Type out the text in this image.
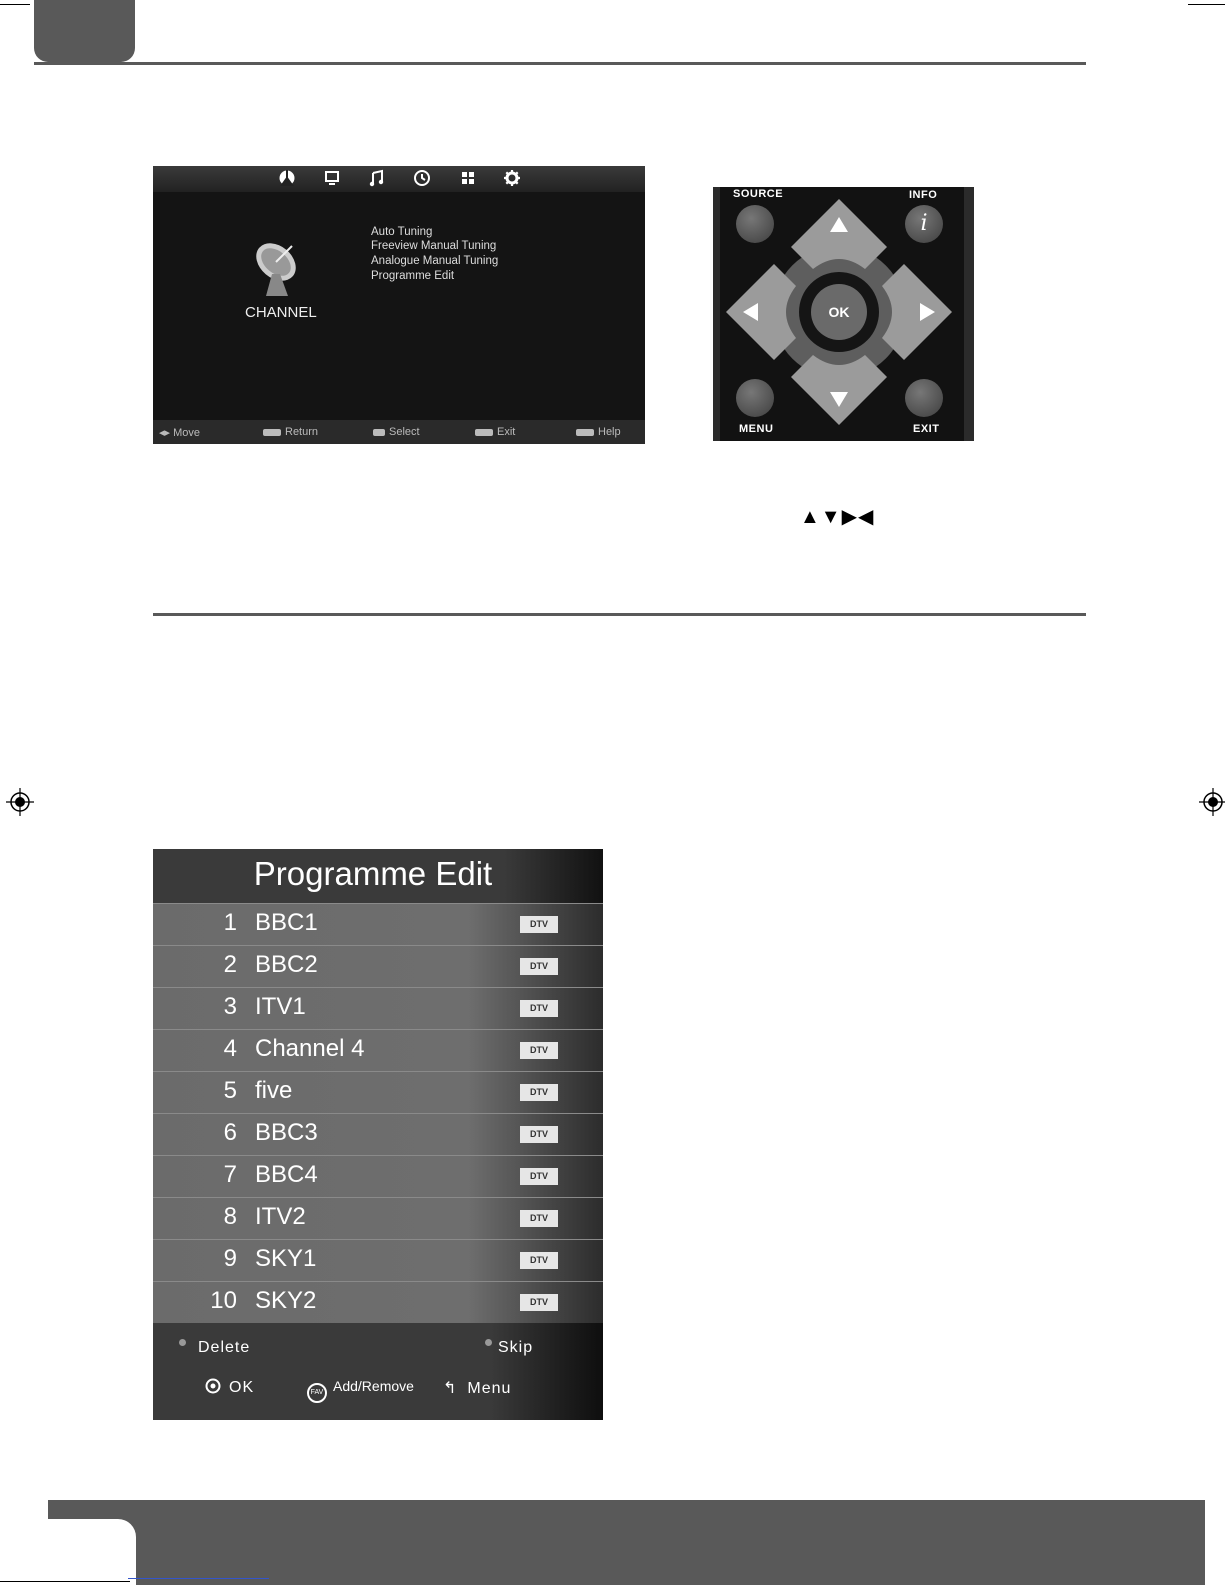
CHANNEL
Auto Tuning
Freeview Manual Tuning
Analogue Manual Tuning
Programme Edit
◂▸ Move	Return	Select	Exit	Help
OK
SOURCE	INFO
i
MENU	EXIT
▲▼▶◀
Programme Edit
1 BBC1	DTV
2 BBC2	DTV
3 ITV1	DTV
4 Channel 4	DTV
5 five	DTV
6 BBC3	DTV
7 BBC4	DTV
8 ITV2	DTV
9 SKY1	DTV
10 SKY2	DTV
Delete	Skip
OK	FAV Add/Remove ↰ Menu
